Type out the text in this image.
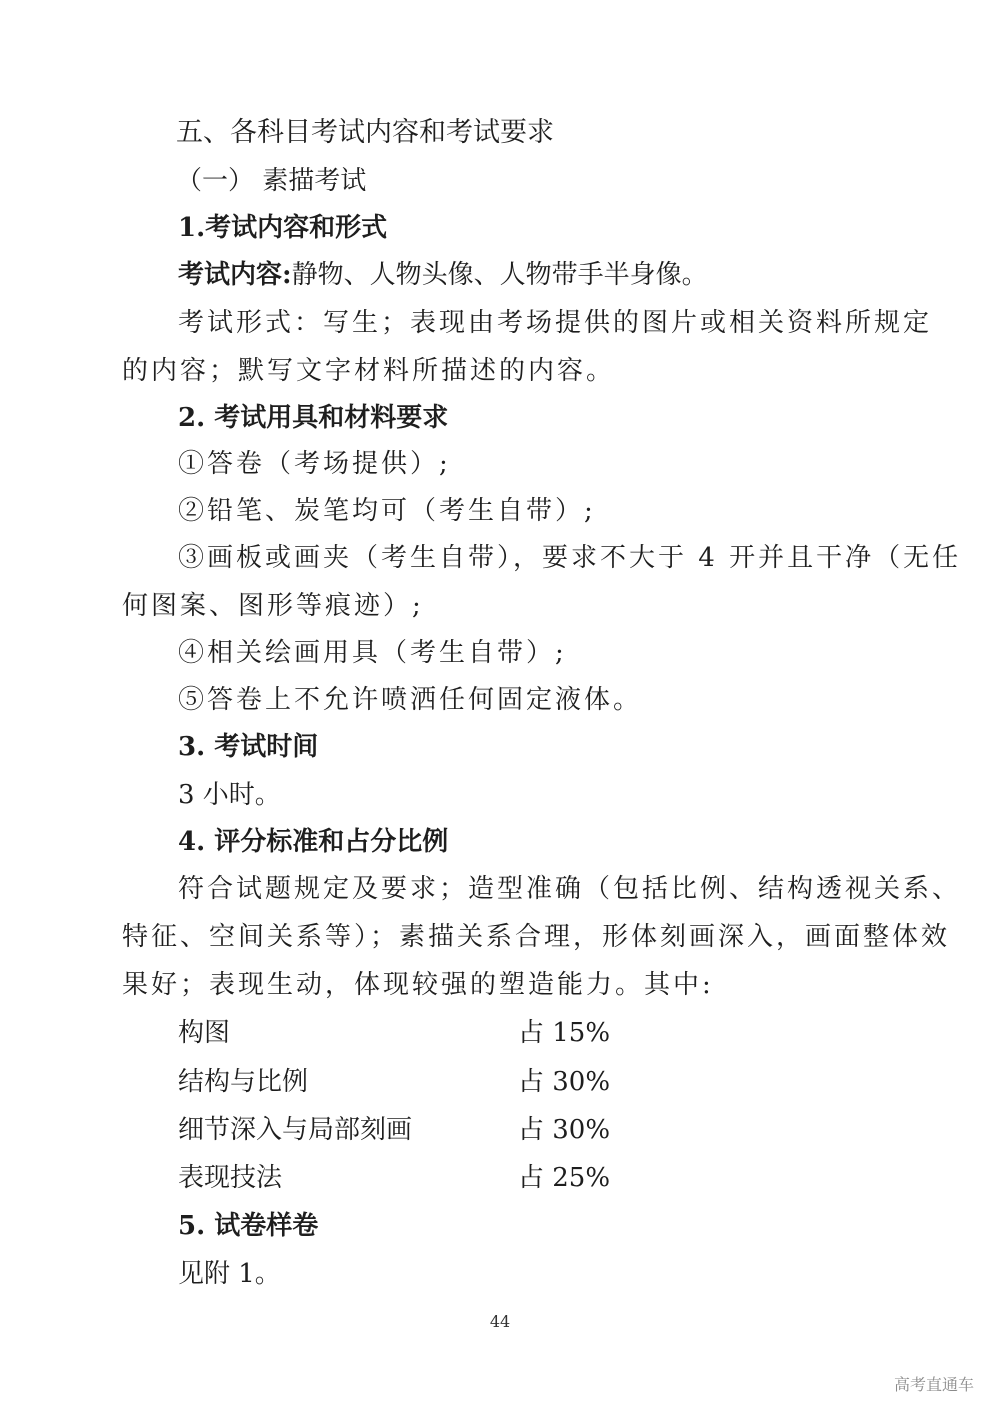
五、各科目考试内容和考试要求

（一） 素描考试

1.考试内容和形式

考试内容:静物、人物头像、人物带手半身像。

考试形式：写生；表现由考场提供的图片或相关资料所规定

的内容；默写文字材料所描述的内容。

2. 考试用具和材料要求

①答卷（考场提供）;

②铅笔、炭笔均可（考生自带）;

③画板或画夹（考生自带），要求不大于 4 开并且干净（无任

何图案、图形等痕迹）;

④相关绘画用具（考生自带）;

⑤答卷上不允许喷洒任何固定液体。

3. 考试时间

3 小时。

4. 评分标准和占分比例

符合试题规定及要求；造型准确（包括比例、结构透视关系、

特征、空间关系等）；素描关系合理，形体刻画深入，画面整体效

果好；表现生动，体现较强的塑造能力。其中:

构图	占 15%
结构与比例	占 30%
细节深入与局部刻画	占 30%
表现技法	占 25%

5. 试卷样卷

见附 1。

44
高考直通车
